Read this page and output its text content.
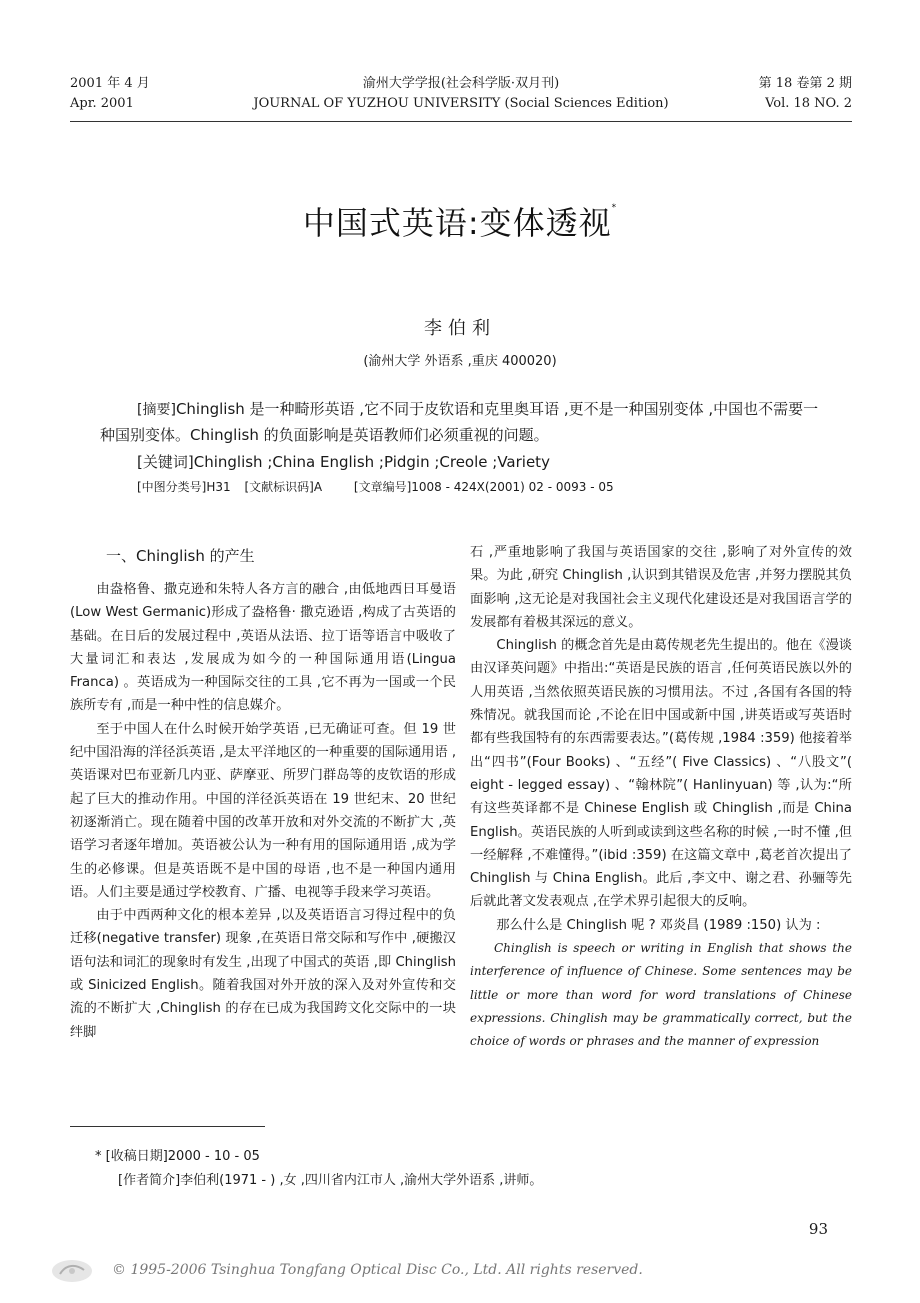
2001 年 4 月	渝州大学学报(社会科学版·双月刊)	第 18 卷第 2 期
Apr. 2001	JOURNAL OF YUZHOU UNIVERSITY (Social Sciences Edition)	Vol. 18 NO. 2
中国式英语:变体透视*
李伯利
(渝州大学 外语系 ,重庆 400020)
[摘要]Chinglish 是一种畸形英语 ,它不同于皮钦语和克里奥耳语 ,更不是一种国别变体 ,中国也不需要一种国别变体。Chinglish 的负面影响是英语教师们必须重视的问题。
[关键词]Chinglish ;China English ;Pidgin ;Creole ;Variety
[中图分类号]H31 [文献标识码]A	[文章编号]1008 - 424X(2001) 02 - 0093 - 05
一、Chinglish 的产生

由盎格鲁、撒克逊和朱特人各方言的融合 ,由低地西日耳曼语(Low West Germanic)形成了盎格鲁· 撒克逊语 ,构成了古英语的基础。在日后的发展过程中 ,英语从法语、拉丁语等语言中吸收了大量词汇和表达 ,发展成为如今的一种国际通用语(Lingua Franca) 。英语成为一种国际交往的工具 ,它不再为一国或一个民族所专有 ,而是一种中性的信息媒介。

至于中国人在什么时候开始学英语 ,已无确证可查。但 19 世纪中国沿海的洋径浜英语 ,是太平洋地区的一种重要的国际通用语 ,英语课对巴布亚新几内亚、萨摩亚、所罗门群岛等的皮钦语的形成起了巨大的推动作用。中国的洋径浜英语在 19 世纪末、20 世纪初逐渐消亡。现在随着中国的改革开放和对外交流的不断扩大 ,英语学习者逐年增加。英语被公认为一种有用的国际通用语 ,成为学生的必修课。但是英语既不是中国的母语 ,也不是一种国内通用语。人们主要是通过学校教育、广播、电视等手段来学习英语。

由于中西两种文化的根本差异 ,以及英语语言习得过程中的负迁移(negative transfer) 现象 ,在英语日常交际和写作中 ,硬搬汉语句法和词汇的现象时有发生 ,出现了中国式的英语 ,即 Chinglish 或 Sinicized English。随着我国对外开放的深入及对外宣传和交流的不断扩大 ,Chinglish 的存在已成为我国跨文化交际中的一块绊脚

石 ,严重地影响了我国与英语国家的交往 ,影响了对外宣传的效果。为此 ,研究 Chinglish ,认识到其错误及危害 ,并努力摆脱其负面影响 ,这无论是对我国社会主义现代化建设还是对我国语言学的发展都有着极其深远的意义。

Chinglish 的概念首先是由葛传规老先生提出的。他在《漫谈由汉译英问题》中指出:“英语是民族的语言 ,任何英语民族以外的人用英语 ,当然依照英语民族的习惯用法。不过 ,各国有各国的特殊情况。就我国而论 ,不论在旧中国或新中国 ,讲英语或写英语时都有些我国特有的东西需要表达。”(葛传规 ,1984 :359) 他接着举出“四书”(Four Books) 、“五经”( Five Classics) 、“八股文”( eight - legged essay) 、“翰林院”( Hanlinyuan) 等 ,认为:“所有这些英译都不是 Chinese English 或 Chinglish ,而是 China English。英语民族的人听到或读到这些名称的时候 ,一时不懂 ,但一经解释 ,不难懂得。”(ibid :359) 在这篇文章中 ,葛老首次提出了 Chinglish 与 China English。此后 ,李文中、谢之君、孙骊等先后就此著文发表观点 ,在学术界引起很大的反响。

那么什么是 Chinglish 呢 ? 邓炎昌 (1989 :150) 认为 :

Chinglish is speech or writing in English that shows the interference of influence of Chinese. Some sentences may be little or more than word for word translations of Chinese expressions. Chinglish may be grammatically correct, but the choice of words or phrases and the manner of expression

* [收稿日期]2000 - 10 - 05
[作者简介]李伯利(1971 - ) ,女 ,四川省内江市人 ,渝州大学外语系 ,讲师。
93
© 1995-2006 Tsinghua Tongfang Optical Disc Co., Ltd. All rights reserved.
